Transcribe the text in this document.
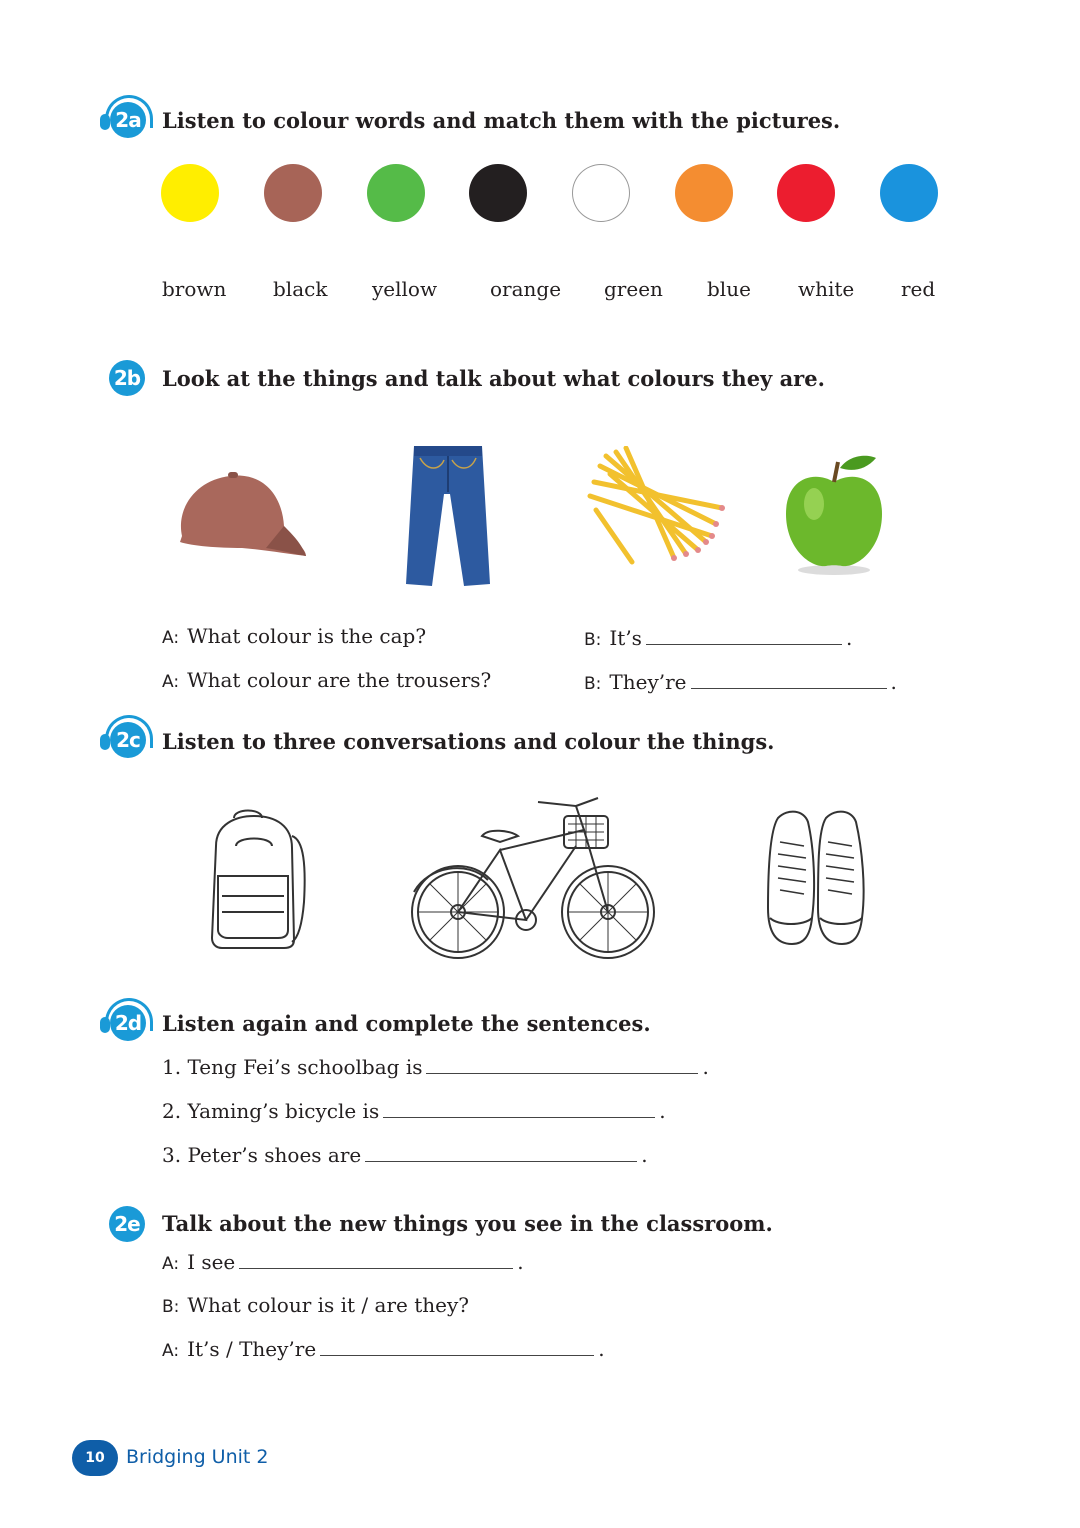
2a Listen to colour words and match them with the pictures.
brown black yellow	orange green blue white red
2b Look at the things and talk about what colours they are.
A: What colour is the cap?	B: It’s	.
A: What colour are the trousers?	B: They’re	.
2c Listen to three conversations and colour the things.
2d Listen again and complete the sentences.
1. Teng Fei’s schoolbag is	.
2. Yaming’s bicycle is	.
3. Peter’s shoes are	.
2e Talk about the new things you see in the classroom.
A: I see	.
B: What colour is it / are they?
A: It’s / They’re	.
10	Bridging Unit 2
